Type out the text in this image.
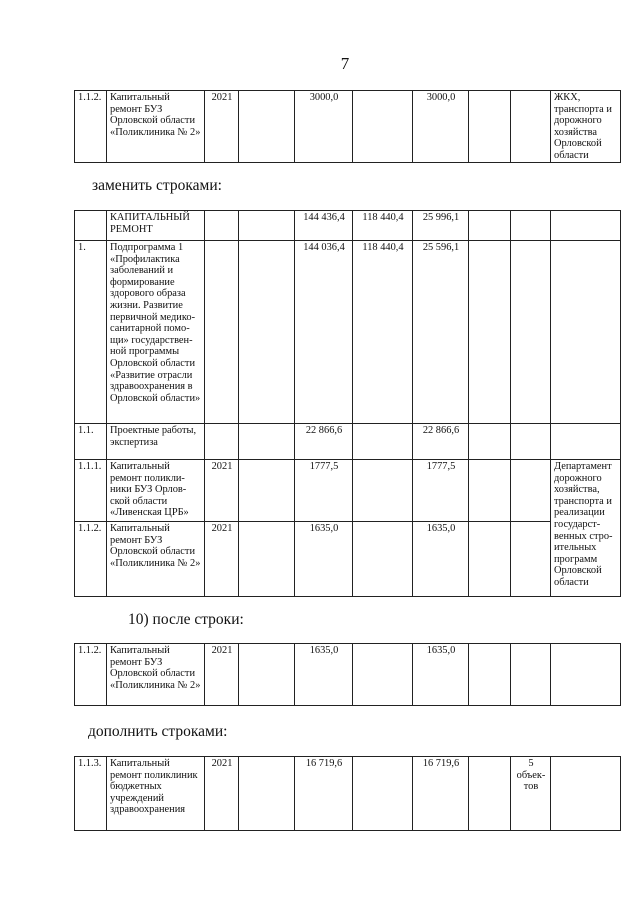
7
1.1.2.	Капитальный ремонт БУЗ Орловской области «Поликлиника № 2»	2021		3000,0		3000,0			ЖКХ, транспорта и дорожного хозяйства Орловской области
заменить строками:
	КАПИТАЛЬНЫЙ РЕМОНТ			144 436,4	118 440,4	25 996,1			
1.	Подпрограмма 1 «Профилактика заболеваний и формирование здорового образа жизни. Развитие первичной медико-санитарной помо-щи» государствен-ной программы Орловской области «Развитие отрасли здравоохранения в Орловской области»			144 036,4	118 440,4	25 596,1			
1.1.	Проектные работы, экспертиза			22 866,6		22 866,6			
1.1.1.	Капитальный ремонт поликли-ники БУЗ Орлов-ской области «Ливенская ЦРБ»	2021		1777,5		1777,5			Департамент дорожного хозяйства, транспорта и реализации государст-венных стро-ительных программ Орловской области
1.1.2.	Капитальный ремонт БУЗ Орловской области «Поликлиника № 2»	2021		1635,0		1635,0			
10) после строки:
1.1.2.	Капитальный ремонт БУЗ Орловской области «Поликлиника № 2»	2021		1635,0		1635,0			
дополнить строками:
1.1.3.	Капитальный ремонт поликлиник бюджетных учреждений здравоохранения	2021		16 719,6		16 719,6		5 объек-тов	
